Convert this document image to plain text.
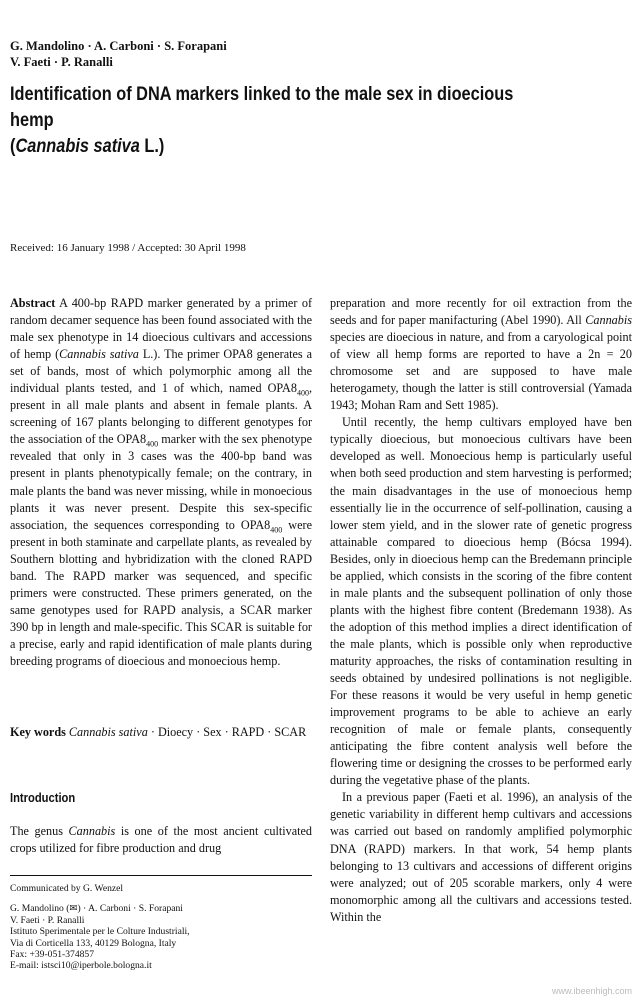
G. Mandolino · A. Carboni · S. Forapani
V. Faeti · P. Ranalli
Identification of DNA markers linked to the male sex in dioecious hemp
(Cannabis sativa L.)
Received: 16 January 1998 / Accepted: 30 April 1998

Abstract A 400-bp RAPD marker generated by a primer of random decamer sequence has been found associated with the male sex phenotype in 14 dioecious cultivars and accessions of hemp (Cannabis sativa L.). The primer OPA8 generates a set of bands, most of which polymorphic among all the individual plants tested, and 1 of which, named $OPA8_{400}$, present in all male plants and absent in female plants. A screening of 167 plants belonging to different genotypes for the association of the $OPA8_{400}$ marker with the sex phenotype revealed that only in 3 cases was the 400-bp band was present in plants phenotypically female; on the contrary, in male plants the band was never missing, while in monoecious plants it was never present. Despite this sex-specific association, the sequences corresponding to $OPA8_{400}$ were present in both staminate and carpellate plants, as revealed by Southern blotting and hybridization with the cloned RAPD band. The RAPD marker was sequenced, and specific primers were constructed. These primers generated, on the same genotypes used for RAPD analysis, a SCAR marker 390 bp in length and male-specific. This SCAR is suitable for a precise, early and rapid identification of male plants during breeding programs of dioecious and monoecious hemp.

Key words Cannabis sativa · Dioecy · Sex · RAPD · SCAR
Introduction
The genus Cannabis is one of the most ancient cultivated crops utilized for fibre production and drug
Communicated by G. Wenzel
G. Mandolino (✉) · A. Carboni · S. Forapani
V. Faeti · P. Ranalli
Istituto Sperimentale per le Colture Industriali,
Via di Corticella 133, 40129 Bologna, Italy
Fax: +39-051-374857
E-mail: istsci10@iperbole.bologna.it

preparation and more recently for oil extraction from the seeds and for paper manifacturing (Abel 1990). All Cannabis species are dioecious in nature, and from a caryological point of view all hemp forms are reported to have a 2n = 20 chromosome set and are supposed to have male heterogamety, though the latter is still controversial (Yamada 1943; Mohan Ram and Sett 1985).

Until recently, the hemp cultivars employed have ben typically dioecious, but monoecious cultivars have been developed as well. Monoecious hemp is particularly useful when both seed production and stem harvesting is performed; the main disadvantages in the use of monoecious hemp essentially lie in the occurrence of self-pollination, causing a lower stem yield, and in the slower rate of genetic progress attainable compared to dioecious hemp (Bócsa 1994). Besides, only in dioecious hemp can the Bredemann principle be applied, which consists in the scoring of the fibre content in male plants and the subsequent pollination of only those plants with the highest fibre content (Bredemann 1938). As the adoption of this method implies a direct identification of the male plants, which is possible only when reproductive maturity approaches, the risks of contamination resulting in seeds obtained by undesired pollinations is not negligible. For these reasons it would be very useful in hemp genetic improvement programs to be able to achieve an early recognition of male or female plants, consequently anticipating the fibre content analysis well before the flowering time or designing the crosses to be performed early during the vegetative phase of the plants.

In a previous paper (Faeti et al. 1996), an analysis of the genetic variability in different hemp cultivars and accessions was carried out based on randomly amplified polymorphic DNA (RAPD) markers. In that work, 54 hemp plants belonging to 13 cultivars and accessions of different origins were analyzed; out of 205 scorable markers, only 4 were monomorphic among all the cultivars and accessions tested. Within the

www.ibeenhigh.com
